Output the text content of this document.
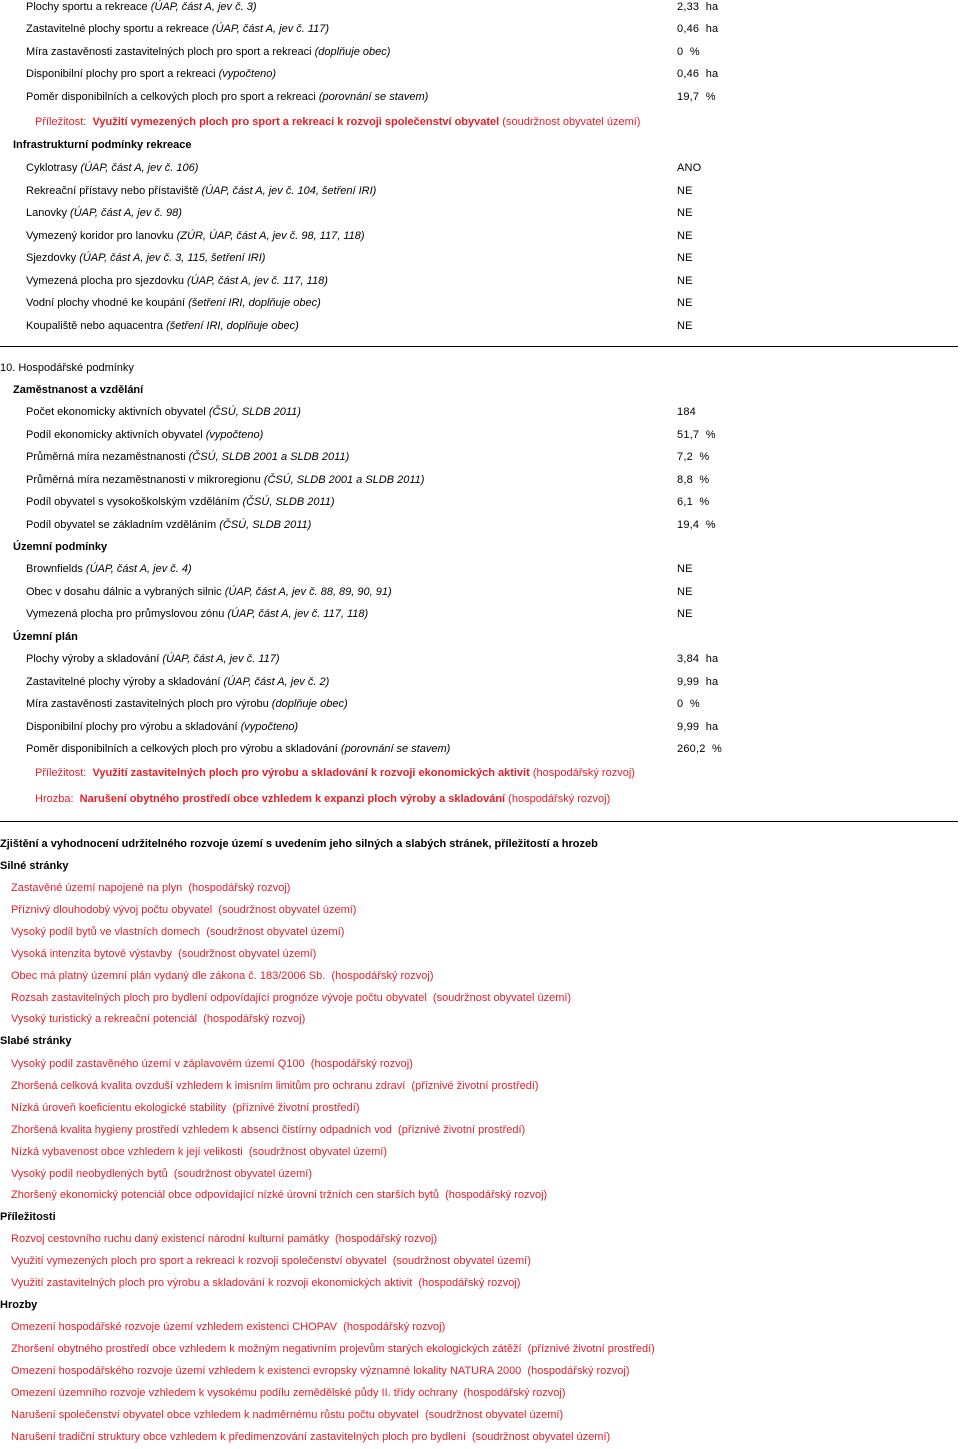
Plochy sportu a rekreace (ÚAP, část A, jev č. 3)	2,33  ha
Zastavitelné plochy sportu a rekreace (ÚAP, část A, jev č. 117)	0,46  ha
Míra zastavěnosti zastavitelných ploch pro sport a rekreaci (doplňuje obec)	0  %
Disponibilní plochy pro sport a rekreaci (vypočteno)	0,46  ha
Poměr disponibilních a celkových ploch pro sport a rekreaci (porovnání se stavem)	19,7  %
Příležitost: Využití vymezených ploch pro sport a rekreaci k rozvoji společenství obyvatel (soudržnost obyvatel území)
Infrastrukturní podmínky rekreace
Cyklotrasy (ÚAP, část A, jev č. 106)	ANO
Rekreační přístavy nebo přístaviště (ÚAP, část A, jev č. 104, šetření IRI)	NE
Lanovky (ÚAP, část A, jev č. 98)	NE
Vymezený koridor pro lanovku (ZÚR, ÚAP, část A, jev č. 98, 117, 118)	NE
Sjezdovky (ÚAP, část A, jev č. 3, 115, šetření IRI)	NE
Vymezená plocha pro sjezdovku (ÚAP, část A, jev č. 117, 118)	NE
Vodní plochy vhodné ke koupání (šetření IRI, doplňuje obec)	NE
Koupaliště nebo aquacentra (šetření IRI, doplňuje obec)	NE
10. Hospodářské podmínky
Zaměstnanost a vzdělání
Počet ekonomicky aktivních obyvatel (ČSÚ, SLDB 2011)	184
Podíl ekonomicky aktivních obyvatel (vypočteno)	51,7  %
Průměrná míra nezaměstnanosti (ČSÚ, SLDB 2001 a SLDB 2011)	7,2  %
Průměrná míra nezaměstnanosti v mikroregionu (ČSÚ, SLDB 2001 a SLDB 2011)	8,8  %
Podíl obyvatel s vysokoškolským vzděláním (ČSÚ, SLDB 2011)	6,1  %
Podíl obyvatel se základním vzděláním (ČSÚ, SLDB 2011)	19,4  %
Územní podmínky
Brownfields (ÚAP, část A, jev č. 4)	NE
Obec v dosahu dálnic a vybraných silnic (ÚAP, část A, jev č. 88, 89, 90, 91)	NE
Vymezená plocha pro průmyslovou zónu (ÚAP, část A, jev č. 117, 118)	NE
Územní plán
Plochy výroby a skladování (ÚAP, část A, jev č. 117)	3,84  ha
Zastavitelné plochy výroby a skladování (ÚAP, část A, jev č. 2)	9,99  ha
Míra zastavěnosti zastavitelných ploch pro výrobu (doplňuje obec)	0  %
Disponibilní plochy pro výrobu a skladování (vypočteno)	9,99  ha
Poměr disponibilních a celkových ploch pro výrobu a skladování (porovnání se stavem)	260,2  %
Příležitost: Využití zastavitelných ploch pro výrobu a skladování k rozvoji ekonomických aktivit (hospodářský rozvoj)
Hrozba: Narušení obytného prostředí obce vzhledem k expanzi ploch výroby a skladování (hospodářský rozvoj)
Zjištění a vyhodnocení udržitelného rozvoje území s uvedením jeho silných a slabých stránek, příležitostí a hrozeb
Silné stránky
Zastavěné území napojené na plyn  (hospodářský rozvoj)
Příznivý dlouhodobý vývoj počtu obyvatel  (soudržnost obyvatel území)
Vysoký podíl bytů ve vlastních domech  (soudržnost obyvatel území)
Vysoká intenzita bytové výstavby  (soudržnost obyvatel území)
Obec má platný územní plán vydaný dle zákona č. 183/2006 Sb.  (hospodářský rozvoj)
Rozsah zastavitelných ploch pro bydlení odpovídající prognóze vývoje počtu obyvatel  (soudržnost obyvatel území)
Vysoký turistický a rekreační potenciál  (hospodářský rozvoj)
Slabé stránky
Vysoký podíl zastavěného území v záplavovém území Q100  (hospodářský rozvoj)
Zhoršená celková kvalita ovzduší vzhledem k imisním limitům pro ochranu zdraví  (příznivé životní prostředí)
Nízká úroveň koeficientu ekologické stability  (příznivé životní prostředí)
Zhoršená kvalita hygieny prostředí vzhledem k absenci čistírny odpadních vod  (příznivé životní prostředí)
Nízká vybavenost obce vzhledem k její velikosti  (soudržnost obyvatel území)
Vysoký podíl neobydlených bytů  (soudržnost obyvatel území)
Zhoršený ekonomický potenciál obce odpovídající nízké úrovni tržních cen starších bytů  (hospodářský rozvoj)
Příležitosti
Rozvoj cestovního ruchu daný existencí národní kulturní památky  (hospodářský rozvoj)
Využití vymezených ploch pro sport a rekreaci k rozvoji společenství obyvatel  (soudržnost obyvatel území)
Využití zastavitelných ploch pro výrobu a skladování k rozvoji ekonomických aktivit  (hospodářský rozvoj)
Hrozby
Omezení hospodářské rozvoje území vzhledem existenci CHOPAV  (hospodářský rozvoj)
Zhoršení obytného prostředí obce vzhledem k možným negativním projevům starých ekologických zátěží  (příznivé životní prostředí)
Omezení hospodářského rozvoje území vzhledem k existenci evropsky významné lokality NATURA 2000  (hospodářský rozvoj)
Omezení územního rozvoje vzhledem k vysokému podílu zemědělské půdy II. třídy ochrany  (hospodářský rozvoj)
Narušení společenství obyvatel obce vzhledem k nadměrnému růstu počtu obyvatel  (soudržnost obyvatel území)
Narušení tradiční struktury obce vzhledem k předimenzování zastavitelných ploch pro bydlení  (soudržnost obyvatel území)
